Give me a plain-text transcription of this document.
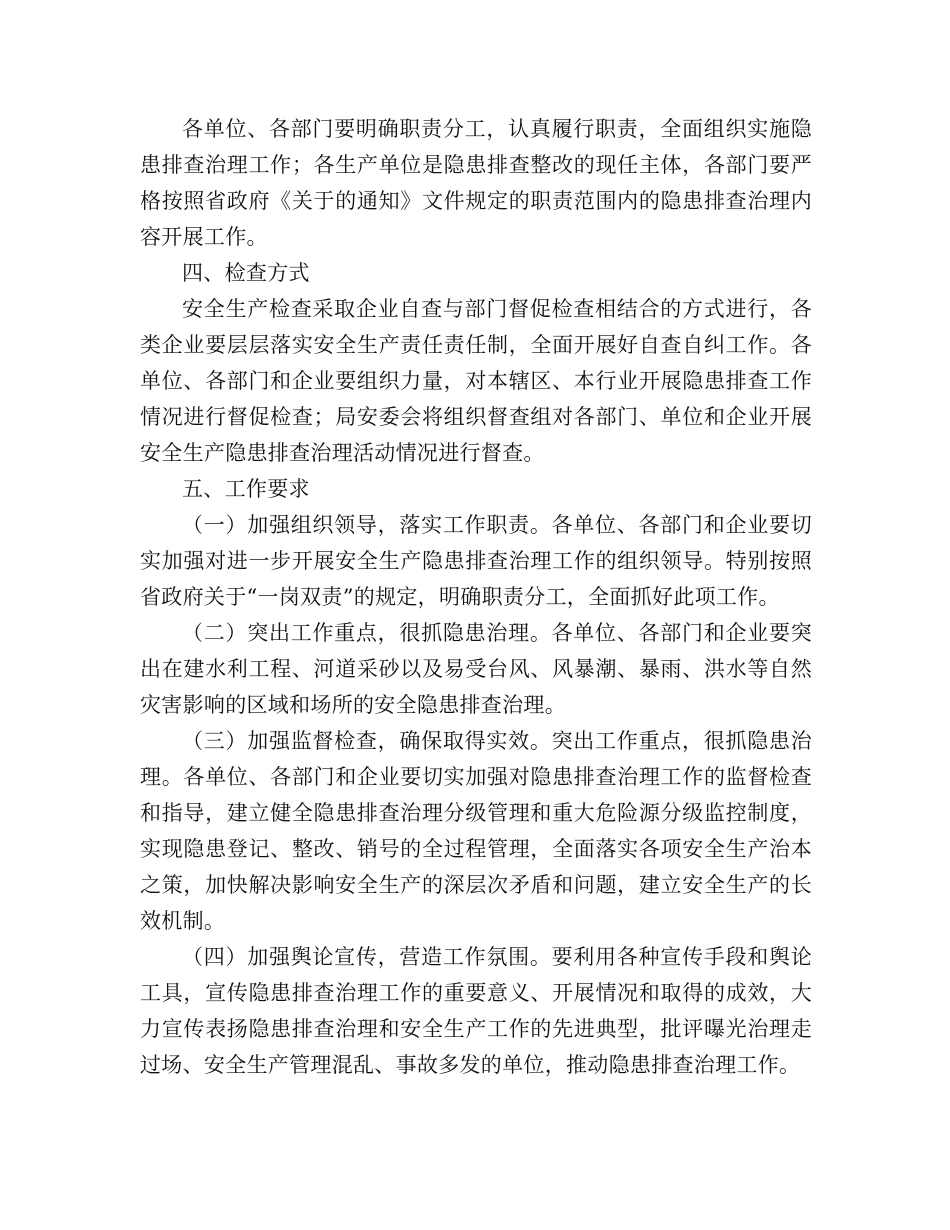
各单位、各部门要明确职责分工，认真履行职责，全面组织实施隐患排查治理工作；各生产单位是隐患排查整改的现任主体，各部门要严格按照省政府《关于的通知》文件规定的职责范围内的隐患排查治理内容开展工作。

四、检查方式

安全生产检查采取企业自查与部门督促检查相结合的方式进行，各类企业要层层落实安全生产责任责任制，全面开展好自查自纠工作。各单位、各部门和企业要组织力量，对本辖区、本行业开展隐患排查工作情况进行督促检查；局安委会将组织督查组对各部门、单位和企业开展安全生产隐患排查治理活动情况进行督查。

五、工作要求

（一）加强组织领导，落实工作职责。各单位、各部门和企业要切实加强对进一步开展安全生产隐患排查治理工作的组织领导。特别按照省政府关于“一岗双责”的规定，明确职责分工，全面抓好此项工作。

（二）突出工作重点，很抓隐患治理。各单位、各部门和企业要突出在建水利工程、河道采砂以及易受台风、风暴潮、暴雨、洪水等自然灾害影响的区域和场所的安全隐患排查治理。

（三）加强监督检查，确保取得实效。突出工作重点，很抓隐患治理。各单位、各部门和企业要切实加强对隐患排查治理工作的监督检查和指导，建立健全隐患排查治理分级管理和重大危险源分级监控制度，实现隐患登记、整改、销号的全过程管理，全面落实各项安全生产治本之策，加快解决影响安全生产的深层次矛盾和问题，建立安全生产的长效机制。

（四）加强舆论宣传，营造工作氛围。要利用各种宣传手段和舆论工具，宣传隐患排查治理工作的重要意义、开展情况和取得的成效，大力宣传表扬隐患排查治理和安全生产工作的先进典型，批评曝光治理走过场、安全生产管理混乱、事故多发的单位，推动隐患排查治理工作。
